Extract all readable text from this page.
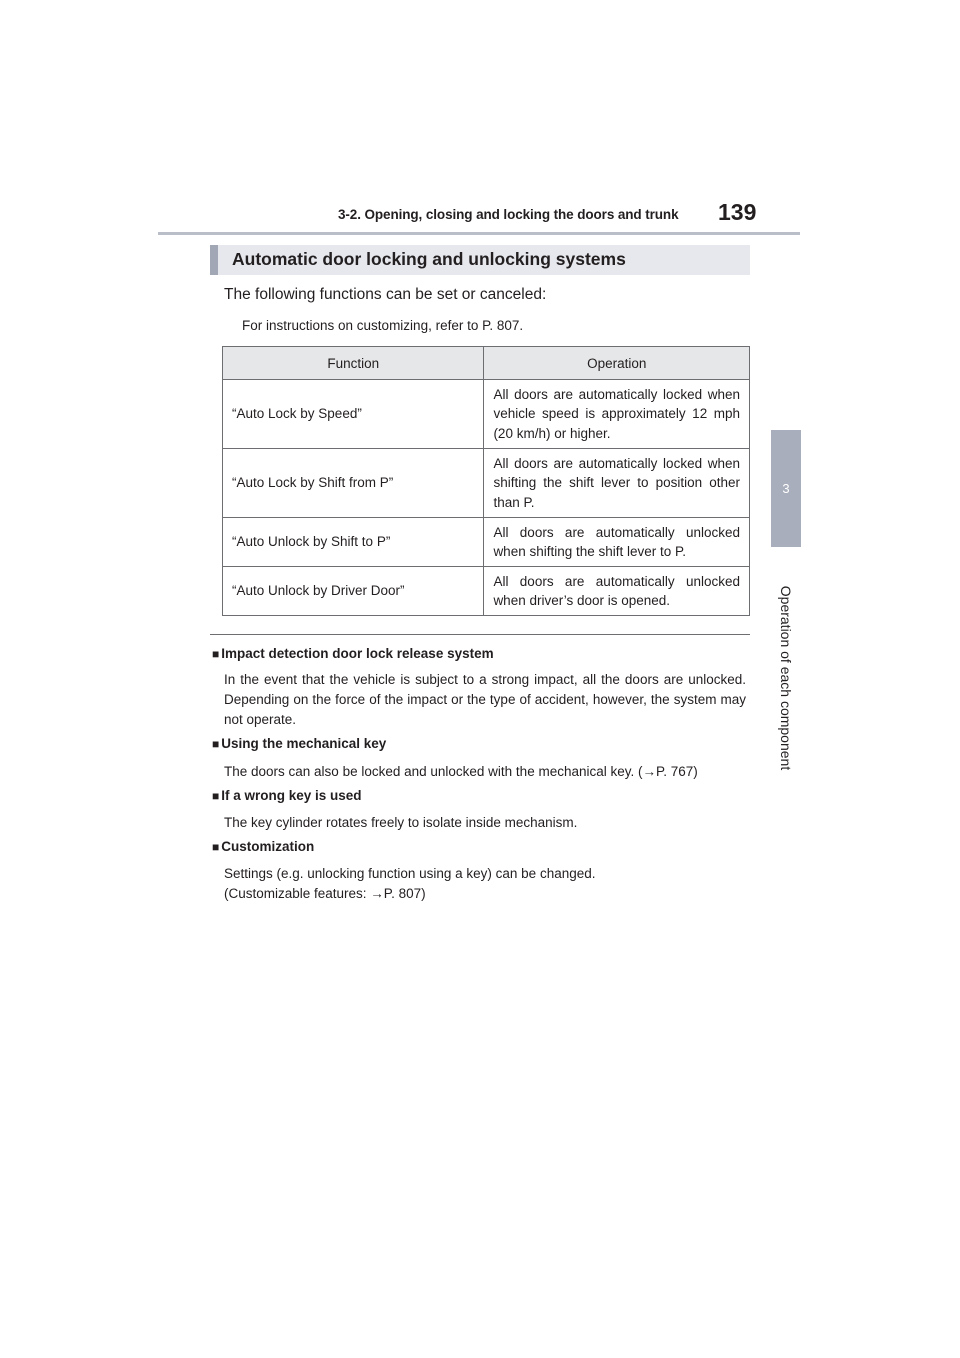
3-2. Opening, closing and locking the doors and trunk 139
3
Operation of each component
Automatic door locking and unlocking systems
The following functions can be set or canceled:
For instructions on customizing, refer to P. 807.
Function	Operation
“Auto Lock by Speed”	All doors are automatically locked when vehicle speed is approximately 12 mph (20 km/h) or higher.
“Auto Lock by Shift from P”	All doors are automatically locked when shifting the shift lever to position other than P.
“Auto Unlock by Shift to P”	All doors are automatically unlocked when shifting the shift lever to P.
“Auto Unlock by Driver Door”	All doors are automatically unlocked when driver’s door is opened.
■ Impact detection door lock release system
In the event that the vehicle is subject to a strong impact, all the doors are unlocked. Depending on the force of the impact or the type of accident, however, the system may not operate.
■ Using the mechanical key
The doors can also be locked and unlocked with the mechanical key. (→P. 767)
■ If a wrong key is used
The key cylinder rotates freely to isolate inside mechanism.
■ Customization
Settings (e.g. unlocking function using a key) can be changed.
(Customizable features: →P. 807)
